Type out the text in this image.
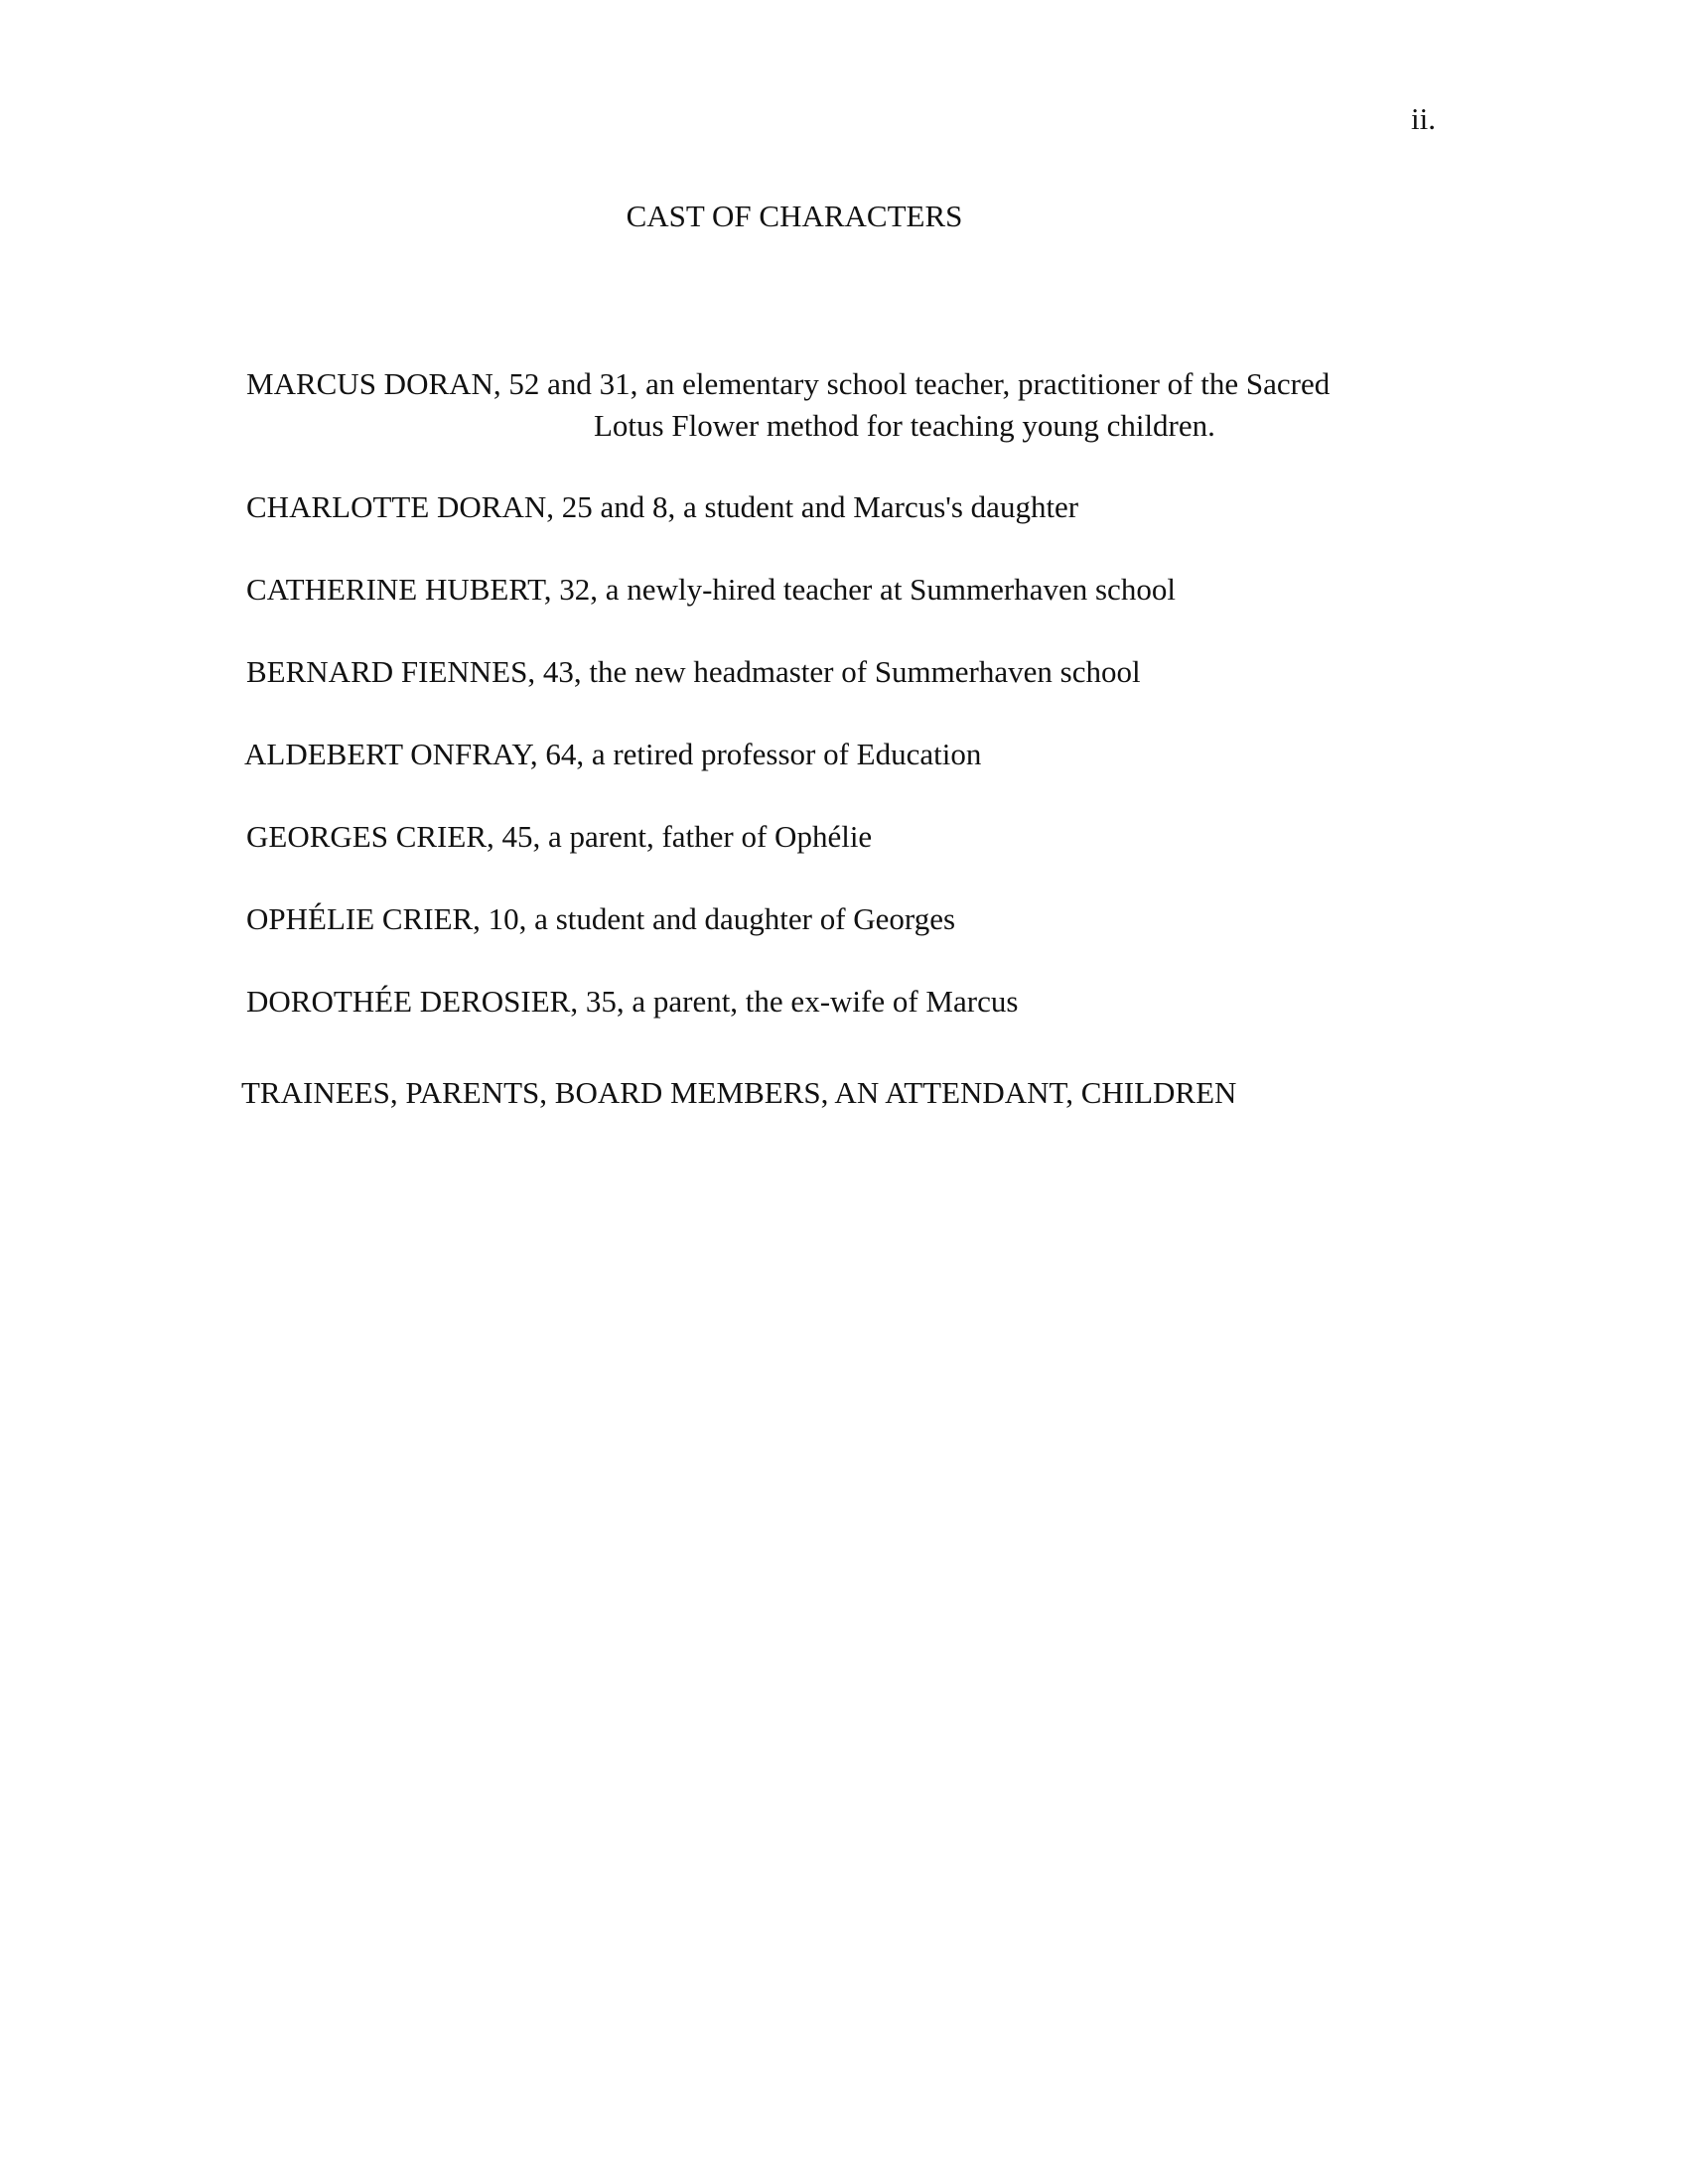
ii.
CAST OF CHARACTERS
MARCUS DORAN, 52 and 31, an elementary school teacher, practitioner of the Sacred
Lotus Flower method for teaching young children.
CHARLOTTE DORAN, 25 and 8, a student and Marcus's daughter
CATHERINE HUBERT, 32, a newly-hired teacher at Summerhaven school
BERNARD FIENNES, 43, the new headmaster of Summerhaven school
ALDEBERT ONFRAY, 64, a retired professor of Education
GEORGES CRIER, 45, a parent, father of Ophélie
OPHÉLIE CRIER, 10, a student and daughter of Georges
DOROTHÉE DEROSIER, 35, a parent, the ex-wife of Marcus
TRAINEES, PARENTS, BOARD MEMBERS, AN ATTENDANT, CHILDREN
